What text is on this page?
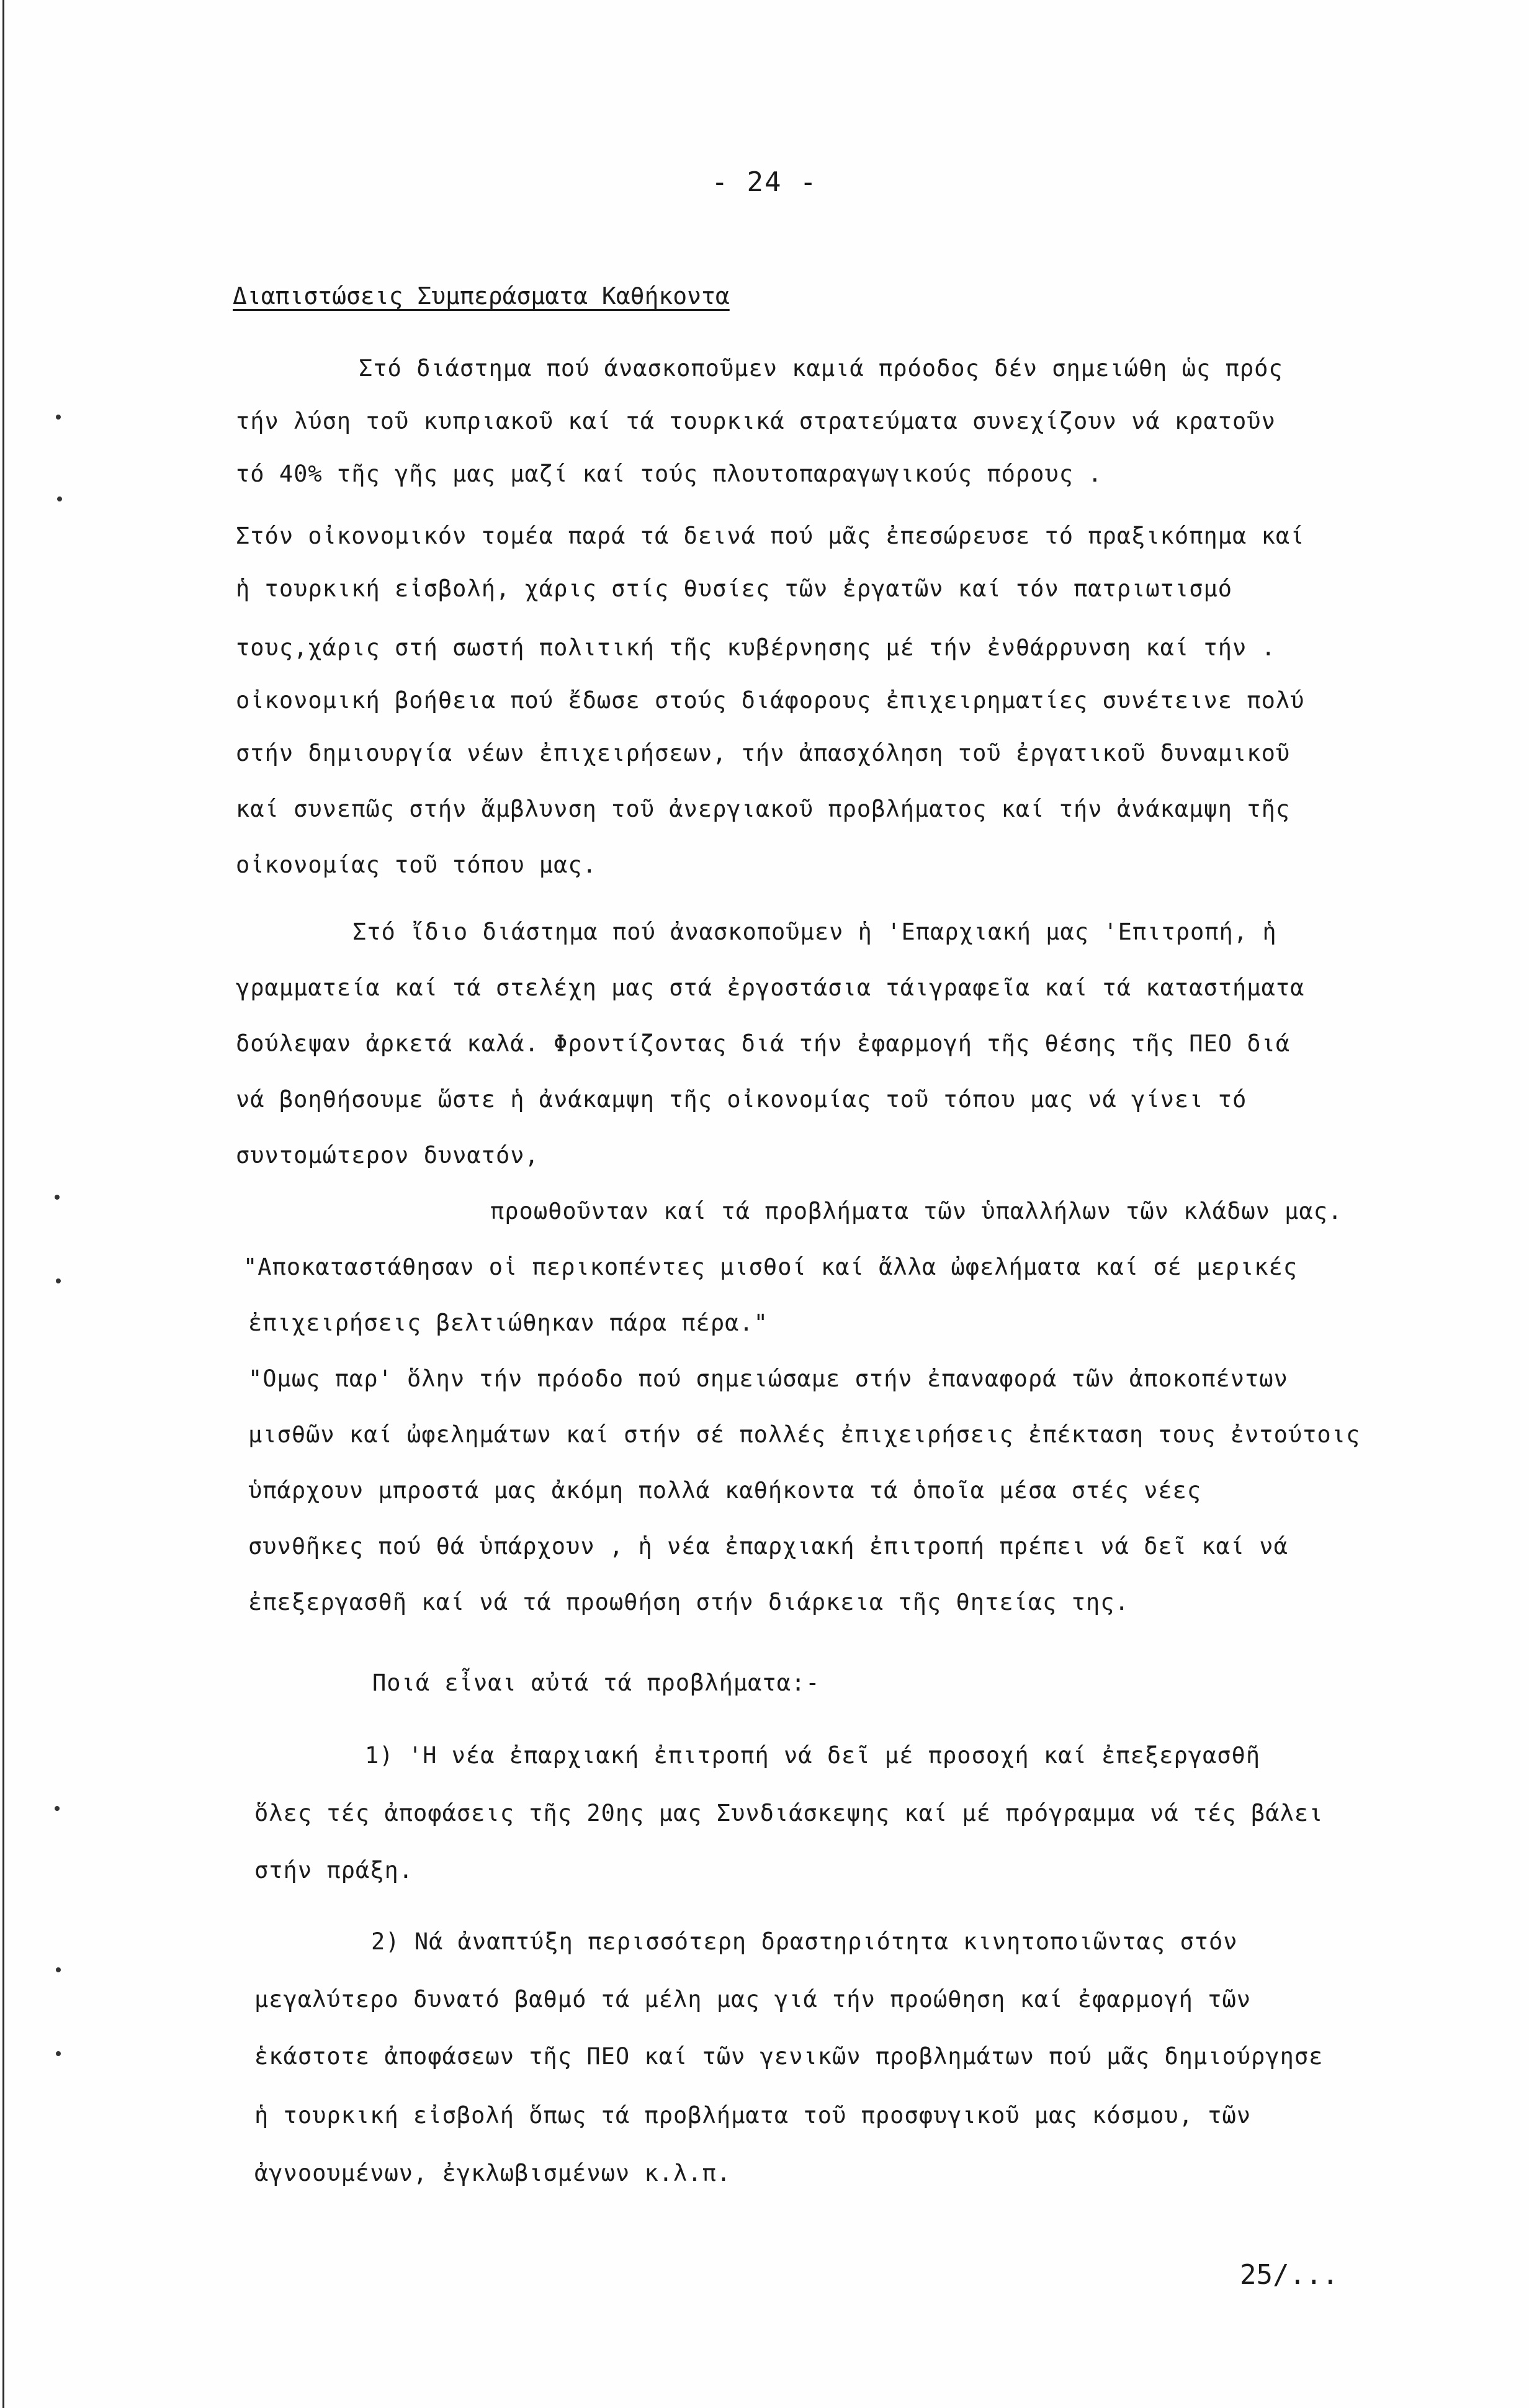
- 24 -
Διαπιστώσεις Συμπεράσματα Καθήκοντα
Στό διάστημα πού άνασκοποῦμεν καμιά πρόοδος δέν σημειώθη ὡς πρός
τήν λύση τοῦ κυπριακοῦ καί τά τουρκικά στρατεύματα συνεχίζουν νά κρατοῦν
τό 40% τῆς γῆς μας μαζί καί τούς πλουτοπαραγωγικούς πόρους .
Στόν οἰκονομικόν τομέα παρά τά δεινά πού μᾶς ἐπεσώρευσε τό πραξικόπημα καί
ἡ τουρκική εἰσβολή, χάρις στίς θυσίες τῶν ἐργατῶν καί τόν πατριωτισμό
τους,χάρις στή σωστή πολιτική τῆς κυβέρνησης μέ τήν ἐνθάρρυνση καί τήν .
οἰκονομική βοήθεια πού ἔδωσε στούς διάφορους ἐπιχειρηματίες συνέτεινε πολύ
στήν δημιουργία νέων ἐπιχειρήσεων, τήν ἀπασχόληση τοῦ ἐργατικοῦ δυναμικοῦ
καί συνεπῶς στήν ἄμβλυνση τοῦ ἀνεργιακοῦ προβλήματος καί τήν ἀνάκαμψη τῆς
οἰκονομίας τοῦ τόπου μας.
Στό ἴδιο διάστημα πού ἀνασκοποῦμεν ἡ 'Επαρχιακή μας 'Επιτροπή, ἡ
γραμματεία καί τά στελέχη μας στά ἐργοστάσια τάιγραφεῖα καί τά καταστήματα
δούλεψαν ἀρκετά καλά. Φροντίζοντας διά τήν ἐφαρμογή τῆς θέσης τῆς ΠΕΟ διά
νά βοηθήσουμε ὥστε ἡ ἀνάκαμψη τῆς οἰκονομίας τοῦ τόπου μας νά γίνει τό
συντομώτερον δυνατόν,
προωθοῦνταν καί τά προβλήματα τῶν ὑπαλλήλων τῶν κλάδων μας.
"Αποκαταστάθησαν οἱ περικοπέντες μισθοί καί ἄλλα ὠφελήματα καί σέ μερικές
ἐπιχειρήσεις βελτιώθηκαν πάρα πέρα."
"Ομως παρ' ὅλην τήν πρόοδο πού σημειώσαμε στήν ἐπαναφορά τῶν ἀποκοπέντων
μισθῶν καί ὠφελημάτων καί στήν σέ πολλές ἐπιχειρήσεις ἐπέκταση τους ἐντούτοις
ὑπάρχουν μπροστά μας ἀκόμη πολλά καθήκοντα τά ὁποῖα μέσα στές νέες
συνθῆκες πού θά ὑπάρχουν , ἡ νέα ἐπαρχιακή ἐπιτροπή πρέπει νά δεῖ καί νά
ἐπεξεργασθῆ καί νά τά προωθήση στήν διάρκεια τῆς θητείας της.
Ποιά εἶναι αὐτά τά προβλήματα:-
1) 'Η νέα ἐπαρχιακή ἐπιτροπή νά δεῖ μέ προσοχή καί ἐπεξεργασθῆ
ὅλες τές ἀποφάσεις τῆς 20ης μας Συνδιάσκεψης καί μέ πρόγραμμα νά τές βάλει
στήν πράξη.
2) Νά ἀναπτύξη περισσότερη δραστηριότητα κινητοποιῶντας στόν
μεγαλύτερο δυνατό βαθμό τά μέλη μας γιά τήν προώθηση καί ἐφαρμογή τῶν
ἑκάστοτε ἀποφάσεων τῆς ΠΕΟ καί τῶν γενικῶν προβλημάτων πού μᾶς δημιούργησε
ἡ τουρκική εἰσβολή ὅπως τά προβλήματα τοῦ προσφυγικοῦ μας κόσμου, τῶν
ἀγνοουμένων, ἐγκλωβισμένων κ.λ.π.
25/...
